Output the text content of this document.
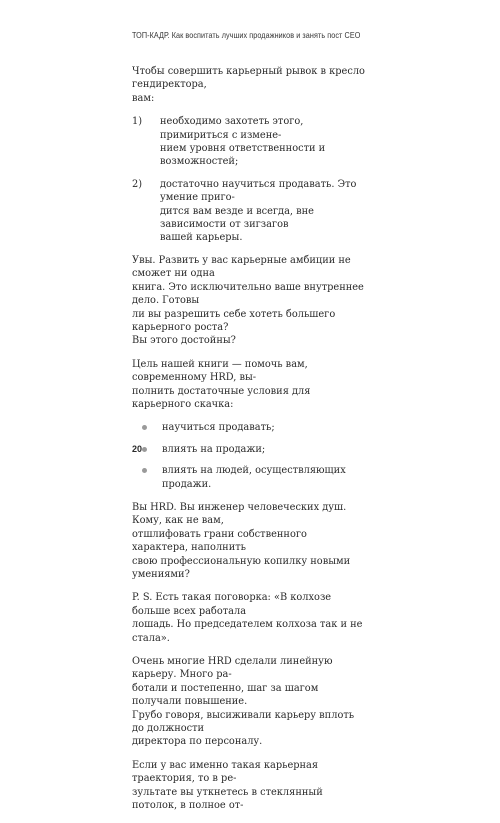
ТОП-КАДР. Как воспитать лучших продажников и занять пост CEO

Чтобы совершить карьерный рывок в кресло гендиректора,
вам:

1)	необходимо захотеть этого, примириться с измене-
нием уровня ответственности и возможностей;
2)	достаточно научиться продавать. Это умение приго-
дится вам везде и всегда, вне зависимости от зигзагов
вашей карьеры.

Увы. Развить у вас карьерные амбиции не сможет ни одна
книга. Это исключительно ваше внутреннее дело. Готовы
ли вы разрешить себе хотеть большего карьерного роста?
Вы этого достойны?

Цель нашей книги — помочь вам, современному HRD, вы-
полнить достаточные условия для карьерного скачка:

научиться продавать;
влиять на продажи;
влиять на людей, осуществляющих продажи.

Вы HRD. Вы инженер человеческих душ. Кому, как не вам,
отшлифовать грани собственного характера, наполнить
свою профессиональную копилку новыми умениями?

P. S. Есть такая поговорка: «В колхозе больше всех работала
лошадь. Но председателем колхоза так и не стала».

Очень многие HRD сделали линейную карьеру. Много ра-
ботали и постепенно, шаг за шагом получали повышение.
Грубо говоря, высиживали карьеру вплоть до должности
директора по персоналу.

Если у вас именно такая карьерная траектория, то в ре-
зультате вы уткнетесь в стеклянный потолок, в полное от-

20
